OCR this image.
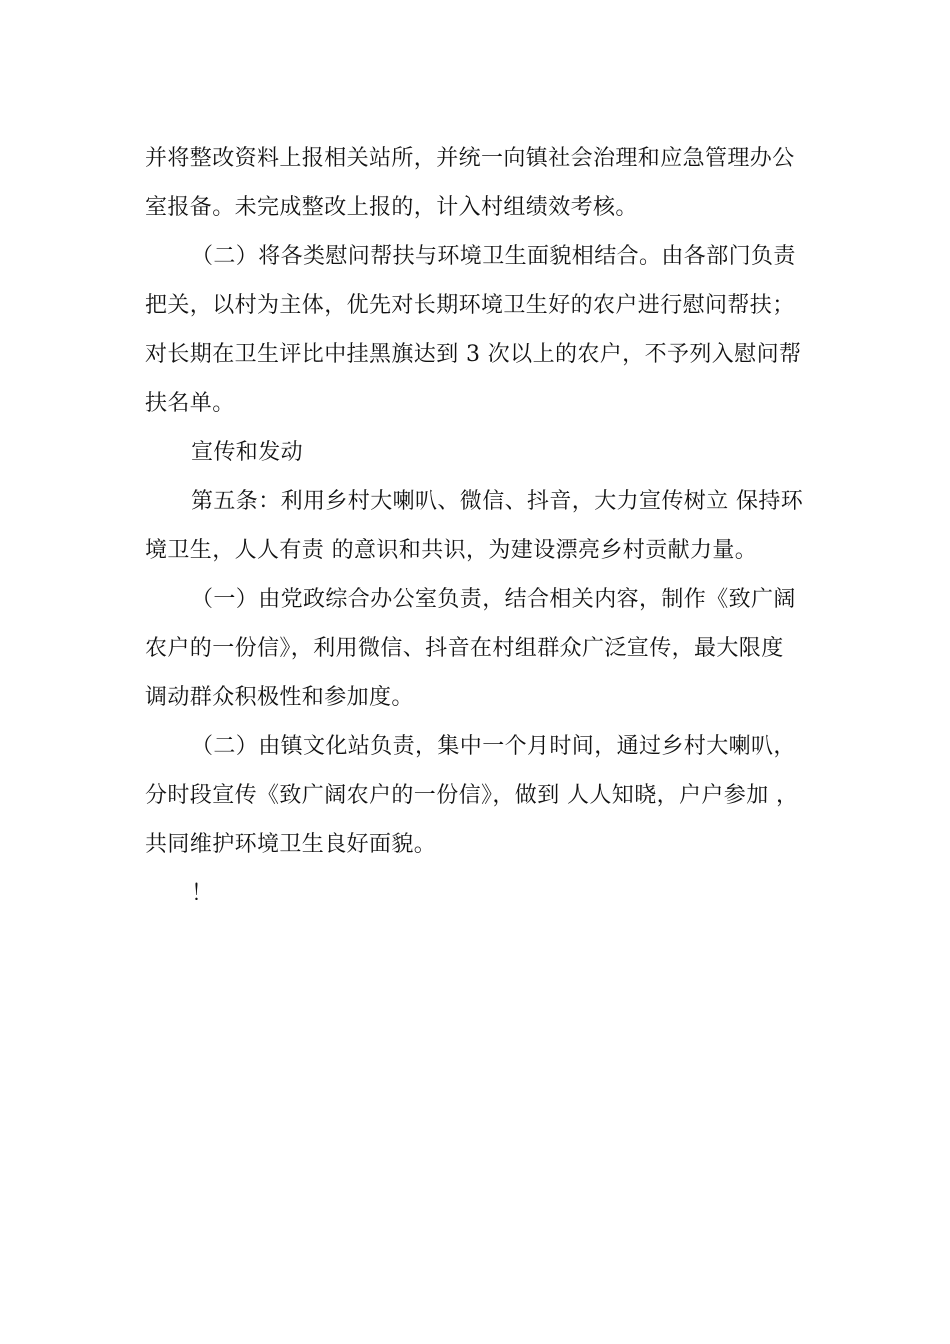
并将整改资料上报相关站所，并统一向镇社会治理和应急管理办公
室报备。未完成整改上报的，计入村组绩效考核。

（二）将各类慰问帮扶与环境卫生面貌相结合。由各部门负责
把关，以村为主体，优先对长期环境卫生好的农户进行慰问帮扶；
对长期在卫生评比中挂黑旗达到 3 次以上的农户，不予列入慰问帮
扶名单。

宣传和发动

第五条：利用乡村大喇叭、微信、抖音，大力宣传树立 保持环
境卫生，人人有责 的意识和共识，为建设漂亮乡村贡献力量。

（一）由党政综合办公室负责，结合相关内容，制作《致广阔
农户的一份信》，利用微信、抖音在村组群众广泛宣传，最大限度
调动群众积极性和参加度。

（二）由镇文化站负责，集中一个月时间，通过乡村大喇叭，
分时段宣传《致广阔农户的一份信》，做到 人人知晓，户户参加 ，
共同维护环境卫生良好面貌。

！
